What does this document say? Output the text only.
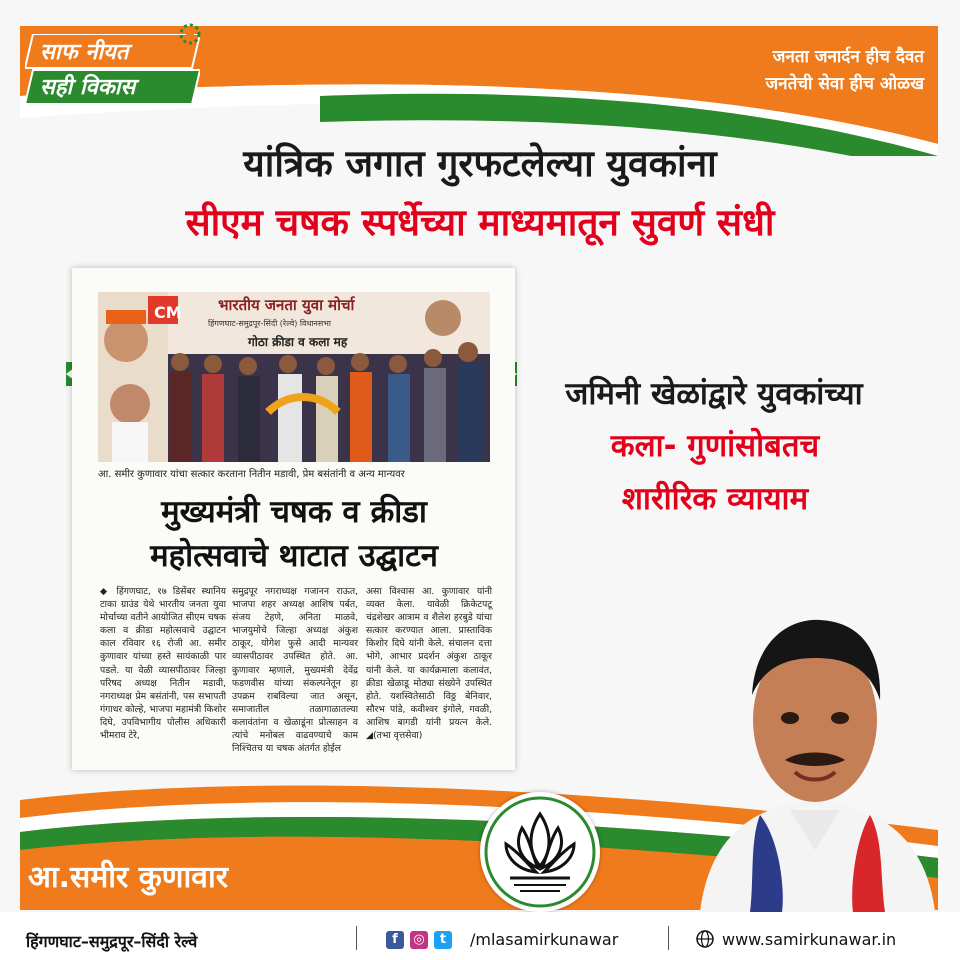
साफ नीयत
सही विकास
जनता जनार्दन हीच दैवत
जनतेची सेवा हीच ओळख
यांत्रिक जगात गुरफटलेल्या युवकांना
सीएम चषक स्पर्धेच्या माध्यमातून सुवर्ण संधी
CM भारतीय जनता युवा मोर्चा
हिंगणघाट-समुद्रपूर-सिंदी (रेल्वे) विधानसभा
गोठा क्रीडा व कला मह
आ. समीर कुणावार यांचा सत्कार करताना नितीन मडावी, प्रेम बसंतांनी व अन्य मान्यवर
मुख्यमंत्री चषक व क्रीडा
महोत्सवाचे थाटात उद्घाटन
◆ हिंगणघाट, १७ डिसेंबर स्थानिय टाका ग्राउंड येथे भारतीय जनता युवा मोर्चाच्या वतीने आयोजित सीएम चषक कला व क्रीडा महोत्सवाचे उद्घाटन काल रविवार १६ रोजी आ. समीर कुणावार यांच्या हस्ते सायंकाळी पार पडले. या वेळी व्यासपीठावर जिल्हा परिषद अध्यक्ष नितीन मडावी, नगराध्यक्ष प्रेम बसंतांनी, पस सभापती गंगाधर कोल्हे, भाजपा महामंत्री किशोर दिघे, उपविभागीय पोलीस अधिकारी भीमराव टेरे,
समुद्रपूर नगराध्यक्ष गजानन राऊत, भाजपा शहर अध्यक्ष आशिष पर्बत, संजय टेहणे, अनिता माळवे, भाजयुमोचे जिल्हा अध्यक्ष अंकुश ठाकूर, योगेश फुसे आदी मान्यवर व्यासपीठावर उपस्थित होते. आ. कुणावार म्हणाले, मुख्यमंत्री देवेंद्र फडणवीस यांच्या संकल्पनेतून हा उपक्रम राबविल्या जात असून, समाजातील तळागाळातल्या कलावंतांना व खेळाडूंना प्रोत्साहन व त्यांचे मनोबल वाढवण्याचे काम निश्चितच या चषक अंतर्गत होईल
असा विश्वास आ. कुणावार यांनी व्यक्त केला. यावेळी क्रिकेटपटू चंद्रशेखर आत्राम व शैलेश हरबुडे यांचा सत्कार करण्यात आला. प्रास्ताविक किशोर दिघे यांनी केले. संचालन दत्ता भोगे, आभार प्रदर्शन अंकुश ठाकूर यांनी केले. या कार्यक्रमाला कलावंत, क्रीडा खेळाडू मोठ्या संख्येने उपस्थित होते. यशस्वितेसाठी विठ्ठ बेनिवार, सौरभ पांडे, कवीश्वर इंगोले, गवळी, आशिष बागडी यांनी प्रयत्न केले. ◢(तभा वृत्तसेवा)
जमिनी खेळांद्वारे युवकांच्या
कला- गुणांसोबतच
शारीरिक व्यायाम
आ.समीर कुणावार
हिंगणघाट–समुद्रपूर–सिंदी रेल्वे	f	◎	t	/mlasamirkunawar	www.samirkunawar.in
